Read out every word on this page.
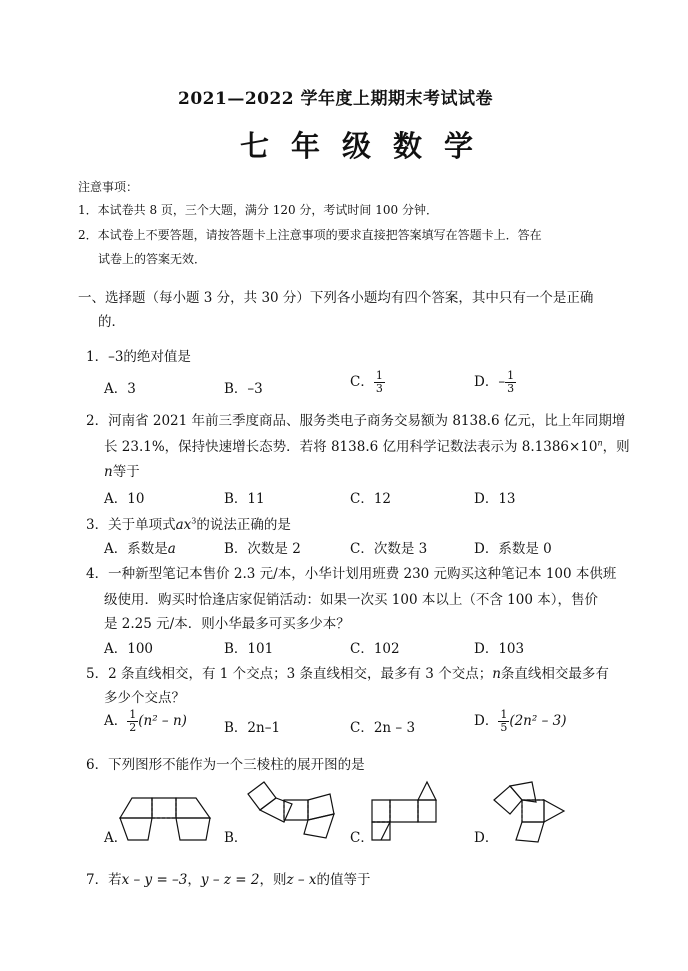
2021—2022 学年度上期期末考试试卷
七年级数学
注意事项：
1．本试卷共 8 页，三个大题，满分 120 分，考试时间 100 分钟．
2．本试卷上不要答题，请按答题卡上注意事项的要求直接把答案填写在答题卡上．答在
试卷上的答案无效．
一、选择题（每小题 3 分，共 30 分）下列各小题均有四个答案，其中只有一个是正确
的．
1．–3的绝对值是
A．3	B．–3	C． $\frac{1}{3}$	D．– $\frac{1}{3}$
2．河南省 2021 年前三季度商品、服务类电子商务交易额为 8138.6 亿元，比上年同期增
长 23.1%，保持快速增长态势．若将 8138.6 亿用科学记数法表示为 $8.1386\times 10^n$，则
n等于
A．10	B．11	C．12	D．13
3．关于单项式$ax^3$的说法正确的是
A．系数是a	B．次数是 2	C．次数是 3	D．系数是 0
4．一种新型笔记本售价 2.3 元/本，小华计划用班费 230 元购买这种笔记本 100 本供班
级使用．购买时恰逢店家促销活动：如果一次买 100 本以上（不含 100 本），售价
是 2.25 元/本．则小华最多可买多少本？
A．100	B．101	C．102	D．103
5．2 条直线相交，有 1 个交点；3 条直线相交，最多有 3 个交点；n条直线相交最多有
多少个交点？
A． $\frac{1}{2} (n^2 - n)$	B．2n–1	C．2n – 3	D． $\frac{1}{5} (2n^2 - 3)$
6．下列图形不能作为一个三棱柱的展开图的是
A．	B．	C．	D．
7．若x – y = –3，y – z = 2，则z – x的值等于
